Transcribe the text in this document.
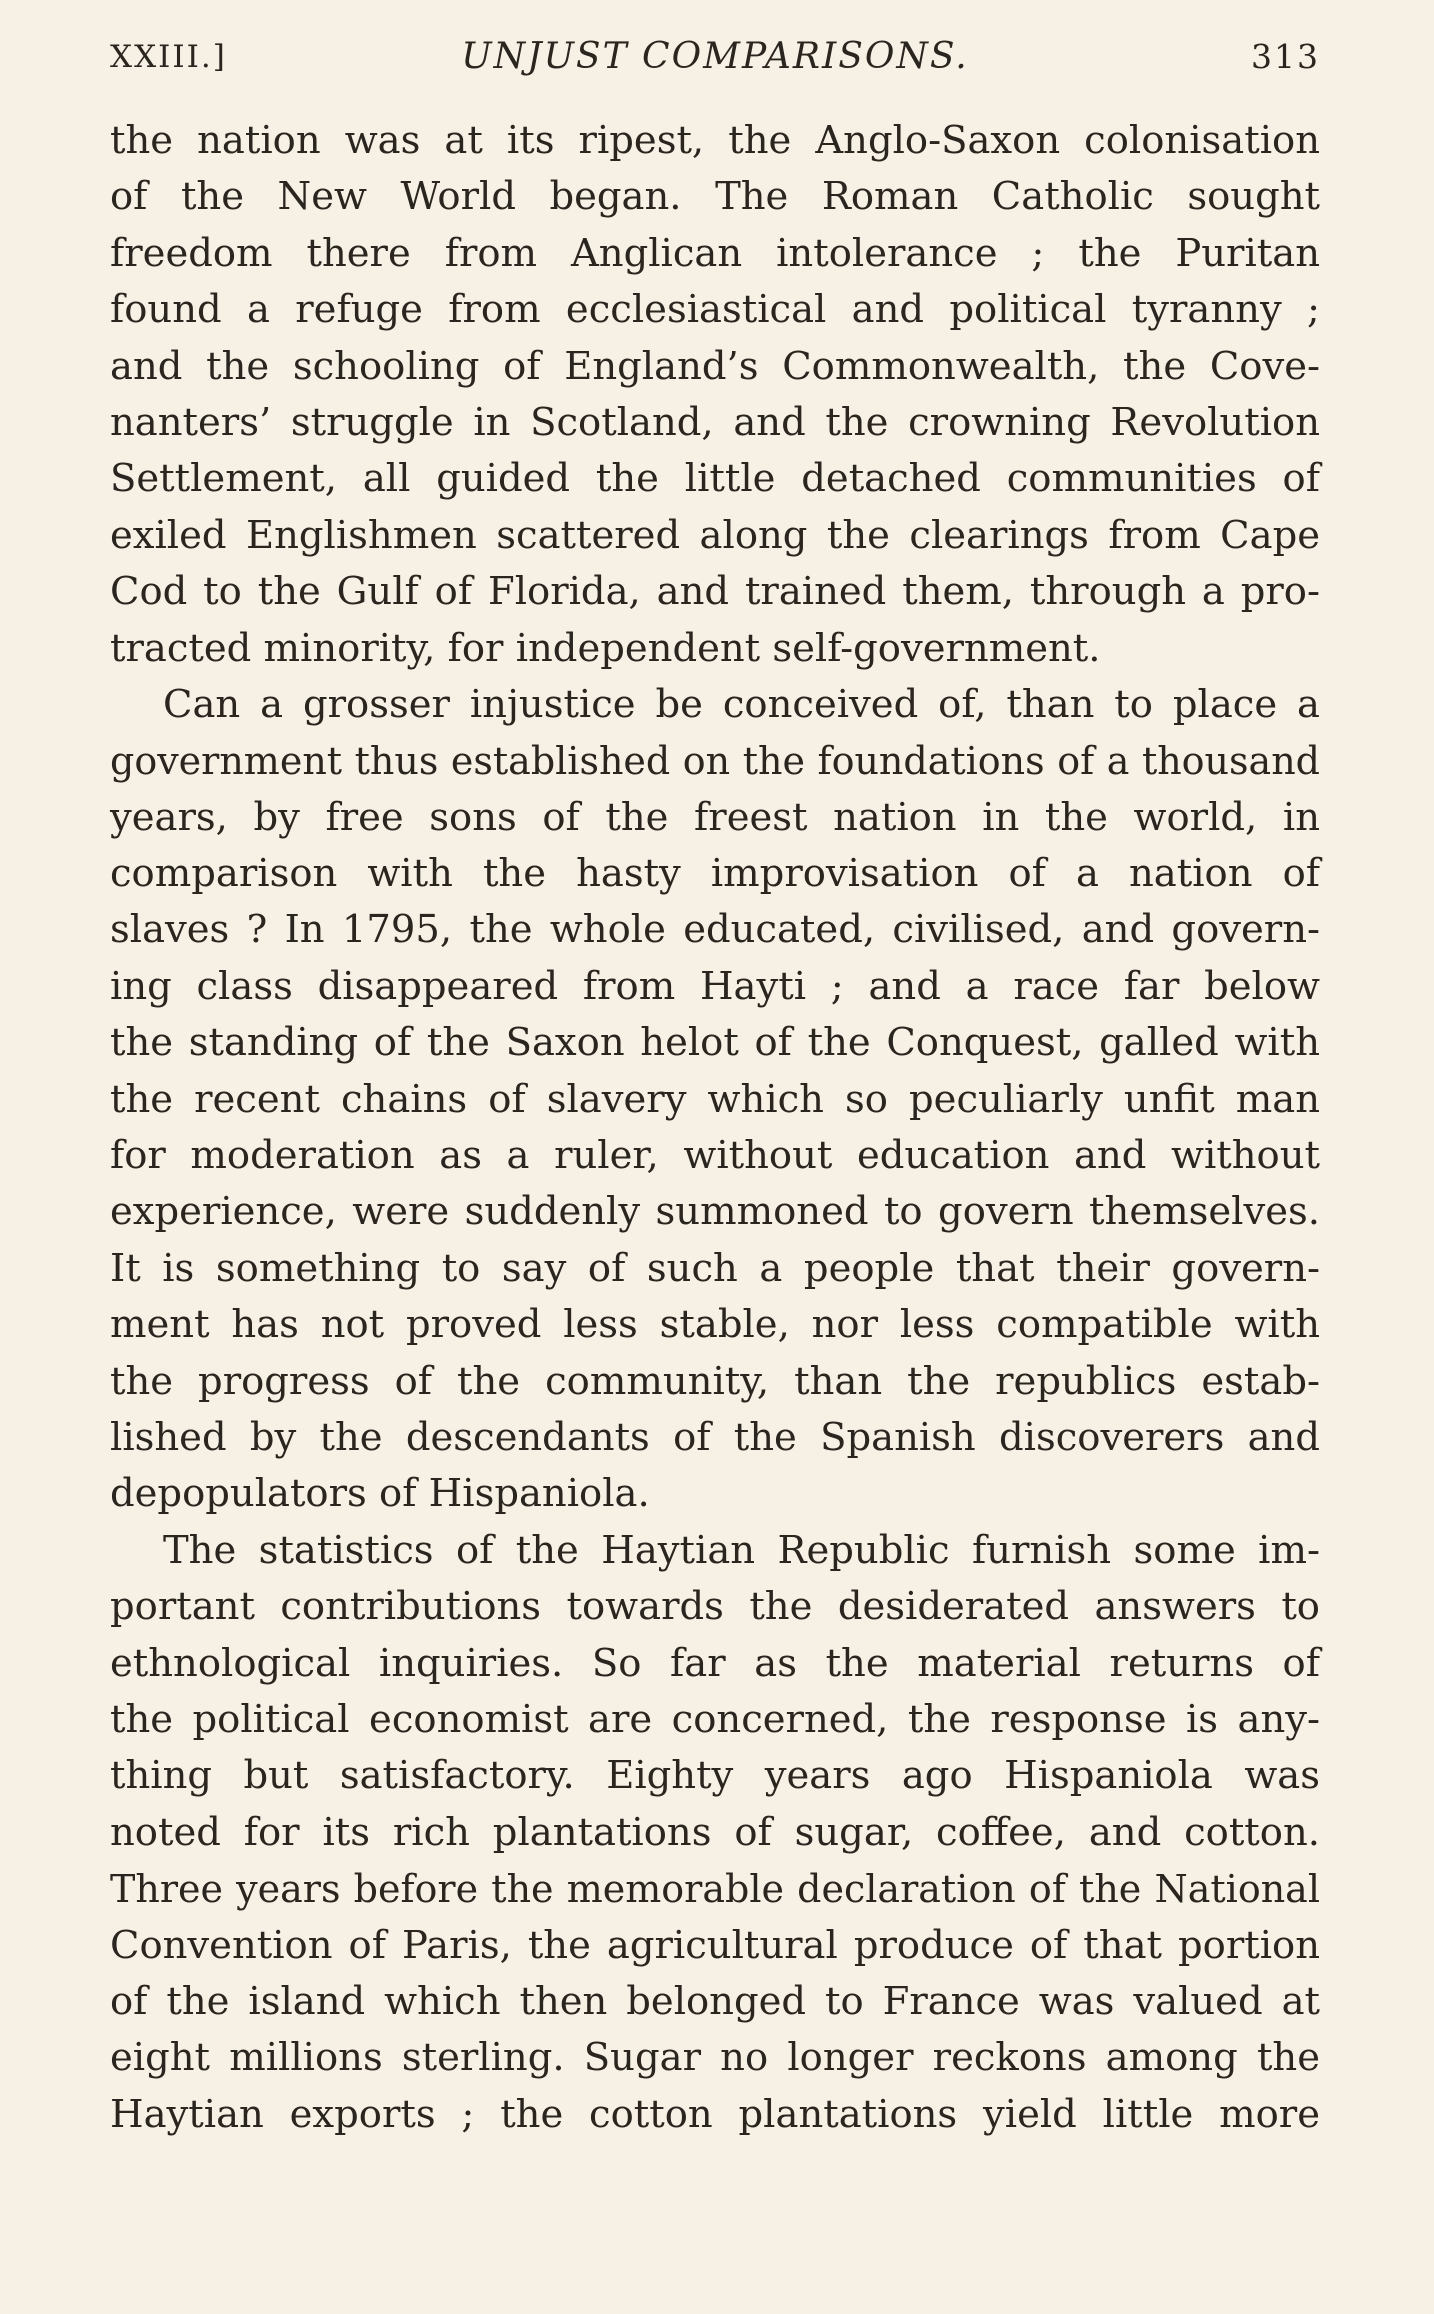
XXIII.]	UNJUST COMPARISONS.	313
the nation was at its ripest, the Anglo-Saxon colonisation
of the New World began. The Roman Catholic sought
freedom there from Anglican intolerance ; the Puritan
found a refuge from ecclesiastical and political tyranny ;
and the schooling of England’s Commonwealth, the Cove-
nanters’ struggle in Scotland, and the crowning Revolution
Settlement, all guided the little detached communities of
exiled Englishmen scattered along the clearings from Cape
Cod to the Gulf of Florida, and trained them, through a pro-
tracted minority, for independent self-government.
Can a grosser injustice be conceived of, than to place a
government thus established on the foundations of a thousand
years, by free sons of the freest nation in the world, in
comparison with the hasty improvisation of a nation of
slaves ? In 1795, the whole educated, civilised, and govern-
ing class disappeared from Hayti ; and a race far below
the standing of the Saxon helot of the Conquest, galled with
the recent chains of slavery which so peculiarly unfit man
for moderation as a ruler, without education and without
experience, were suddenly summoned to govern themselves.
It is something to say of such a people that their govern-
ment has not proved less stable, nor less compatible with
the progress of the community, than the republics estab-
lished by the descendants of the Spanish discoverers and
depopulators of Hispaniola.
The statistics of the Haytian Republic furnish some im-
portant contributions towards the desiderated answers to
ethnological inquiries. So far as the material returns of
the political economist are concerned, the response is any-
thing but satisfactory. Eighty years ago Hispaniola was
noted for its rich plantations of sugar, coffee, and cotton.
Three years before the memorable declaration of the National
Convention of Paris, the agricultural produce of that portion
of the island which then belonged to France was valued at
eight millions sterling. Sugar no longer reckons among the
Haytian exports ; the cotton plantations yield little more
